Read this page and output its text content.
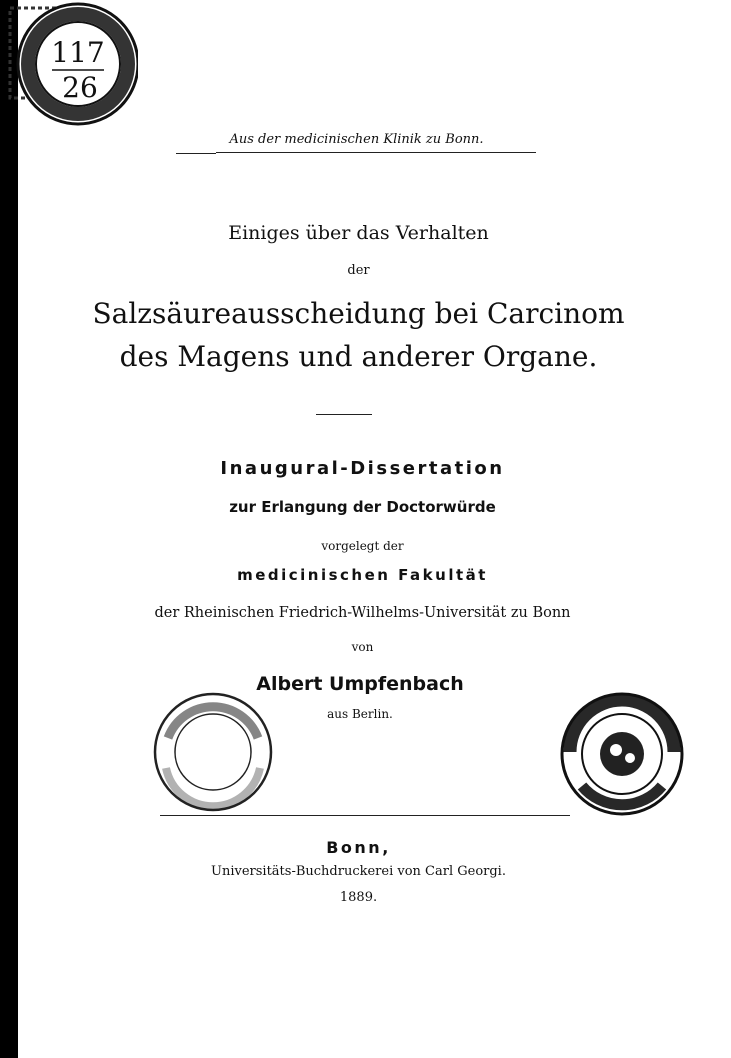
117
26
Aus der medicinischen Klinik zu Bonn.
Einiges über das Verhalten
der
Salzsäureausscheidung bei Carcinom
des Magens und anderer Organe.
Inaugural-Dissertation
zur Erlangung der Doctorwürde
vorgelegt der
medicinischen Fakultät
der Rheinischen Friedrich-Wilhelms-Universität zu Bonn
von
Albert Umpfenbach
aus Berlin.
Bonn,
Universitäts-Buchdruckerei von Carl Georgi.
1889.
